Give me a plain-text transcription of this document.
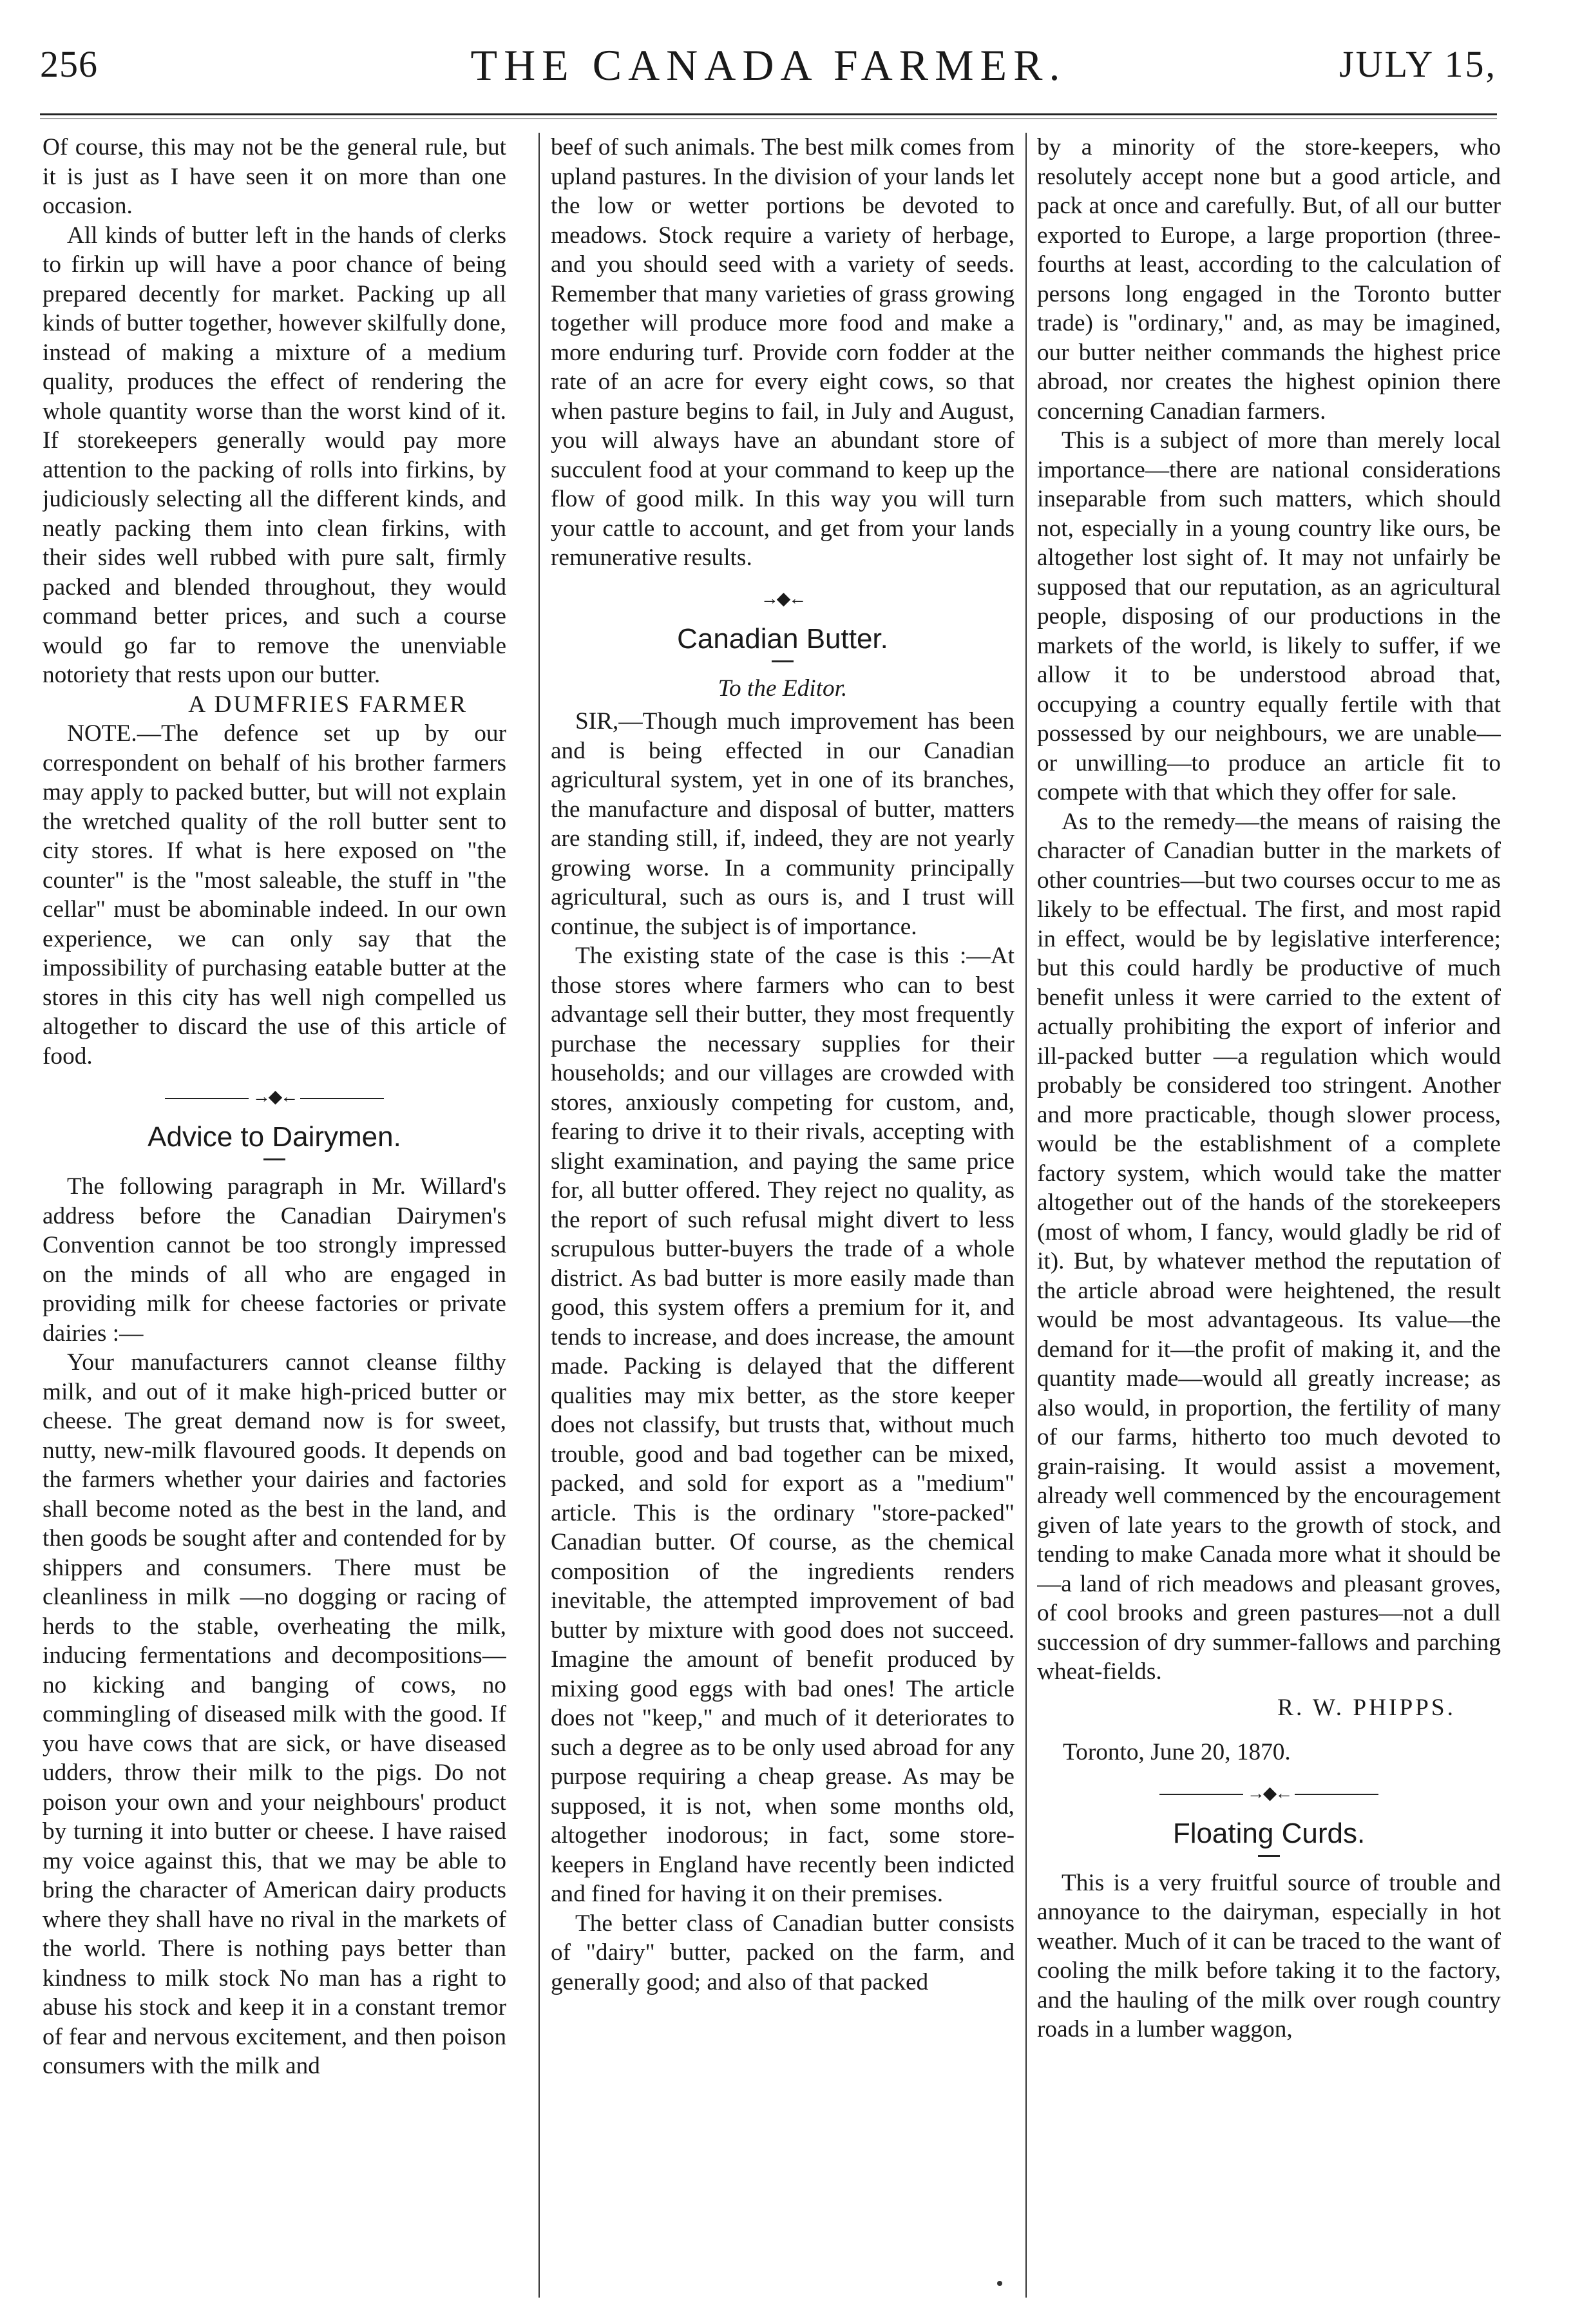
256	THE CANADA FARMER.	JULY 15,

Of course, this may not be the general rule, but it is just as I have seen it on more than one occasion.

All kinds of butter left in the hands of clerks to firkin up will have a poor chance of being prepared decently for market. Packing up all kinds of butter together, however skilfully done, instead of making a mixture of a medium quality, produces the effect of rendering the whole quantity worse than the worst kind of it. If storekeepers generally would pay more attention to the packing of rolls into firkins, by judiciously selecting all the different kinds, and neatly packing them into clean firkins, with their sides well rubbed with pure salt, firmly packed and blended throughout, they would command better prices, and such a course would go far to remove the unenviable notoriety that rests upon our butter.

A DUMFRIES FARMER

NOTE.—The defence set up by our correspondent on behalf of his brother farmers may apply to packed butter, but will not explain the wretched quality of the roll butter sent to city stores. If what is here exposed on "the counter" is the "most saleable, the stuff in "the cellar" must be abominable indeed. In our own experience, we can only say that the impossibility of purchasing eatable butter at the stores in this city has well nigh compelled us altogether to discard the use of this article of food.

→◆←
Advice to Dairymen.

The following paragraph in Mr. Willard's address before the Canadian Dairymen's Convention cannot be too strongly impressed on the minds of all who are engaged in providing milk for cheese factories or private dairies :—

Your manufacturers cannot cleanse filthy milk, and out of it make high-priced butter or cheese. The great demand now is for sweet, nutty, new-milk flavoured goods. It depends on the farmers whether your dairies and factories shall become noted as the best in the land, and then goods be sought after and contended for by shippers and consumers. There must be cleanliness in milk —no dogging or racing of herds to the stable, overheating the milk, inducing fermentations and decompositions—no kicking and banging of cows, no commingling of diseased milk with the good. If you have cows that are sick, or have diseased udders, throw their milk to the pigs. Do not poison your own and your neighbours' product by turning it into butter or cheese. I have raised my voice against this, that we may be able to bring the character of American dairy products where they shall have no rival in the markets of the world. There is nothing pays better than kindness to milk stock No man has a right to abuse his stock and keep it in a constant tremor of fear and nervous excitement, and then poison consumers with the milk and

beef of such animals. The best milk comes from upland pastures. In the division of your lands let the low or wetter portions be devoted to meadows. Stock require a variety of herbage, and you should seed with a variety of seeds. Remember that many varieties of grass growing together will produce more food and make a more enduring turf. Provide corn fodder at the rate of an acre for every eight cows, so that when pasture begins to fail, in July and August, you will always have an abundant store of succulent food at your command to keep up the flow of good milk. In this way you will turn your cattle to account, and get from your lands remunerative results.

→◆←
Canadian Butter.

To the Editor.

SIR,—Though much improvement has been and is being effected in our Canadian agricultural system, yet in one of its branches, the manufacture and disposal of butter, matters are standing still, if, indeed, they are not yearly growing worse. In a community principally agricultural, such as ours is, and I trust will continue, the subject is of importance.

The existing state of the case is this :—At those stores where farmers who can to best advantage sell their butter, they most frequently purchase the necessary supplies for their households; and our villages are crowded with stores, anxiously competing for custom, and, fearing to drive it to their rivals, accepting with slight examination, and paying the same price for, all butter offered. They reject no quality, as the report of such refusal might divert to less scrupulous butter-buyers the trade of a whole district. As bad butter is more easily made than good, this system offers a premium for it, and tends to increase, and does increase, the amount made. Packing is delayed that the different qualities may mix better, as the store keeper does not classify, but trusts that, without much trouble, good and bad together can be mixed, packed, and sold for export as a "medium" article. This is the ordinary "store-packed" Canadian butter. Of course, as the chemical composition of the ingredients renders inevitable, the attempted improvement of bad butter by mixture with good does not succeed. Imagine the amount of benefit produced by mixing good eggs with bad ones! The article does not "keep," and much of it deteriorates to such a degree as to be only used abroad for any purpose requiring a cheap grease. As may be supposed, it is not, when some months old, altogether inodorous; in fact, some store-keepers in England have recently been indicted and fined for having it on their premises.

The better class of Canadian butter consists of "dairy" butter, packed on the farm, and generally good; and also of that packed

by a minority of the store-keepers, who resolutely accept none but a good article, and pack at once and carefully. But, of all our butter exported to Europe, a large proportion (three-fourths at least, according to the calculation of persons long engaged in the Toronto butter trade) is "ordinary," and, as may be imagined, our butter neither commands the highest price abroad, nor creates the highest opinion there concerning Canadian farmers.

This is a subject of more than merely local importance—there are national considerations inseparable from such matters, which should not, especially in a young country like ours, be altogether lost sight of. It may not unfairly be supposed that our reputation, as an agricultural people, disposing of our productions in the markets of the world, is likely to suffer, if we allow it to be understood abroad that, occupying a country equally fertile with that possessed by our neighbours, we are unable—or unwilling—to produce an article fit to compete with that which they offer for sale.

As to the remedy—the means of raising the character of Canadian butter in the markets of other countries—but two courses occur to me as likely to be effectual. The first, and most rapid in effect, would be by legislative interference; but this could hardly be productive of much benefit unless it were carried to the extent of actually prohibiting the export of inferior and ill-packed butter —a regulation which would probably be considered too stringent. Another and more practicable, though slower process, would be the establishment of a complete factory system, which would take the matter altogether out of the hands of the storekeepers (most of whom, I fancy, would gladly be rid of it). But, by whatever method the reputation of the article abroad were heightened, the result would be most advantageous. Its value—the demand for it—the profit of making it, and the quantity made—would all greatly increase; as also would, in proportion, the fertility of many of our farms, hitherto too much devoted to grain-raising. It would assist a movement, already well commenced by the encouragement given of late years to the growth of stock, and tending to make Canada more what it should be—a land of rich meadows and pleasant groves, of cool brooks and green pastures—not a dull succession of dry summer-fallows and parching wheat-fields.

R. W. PHIPPS.

Toronto, June 20, 1870.

→◆←
Floating Curds.

This is a very fruitful source of trouble and annoyance to the dairyman, especially in hot weather. Much of it can be traced to the want of cooling the milk before taking it to the factory, and the hauling of the milk over rough country roads in a lumber waggon,
